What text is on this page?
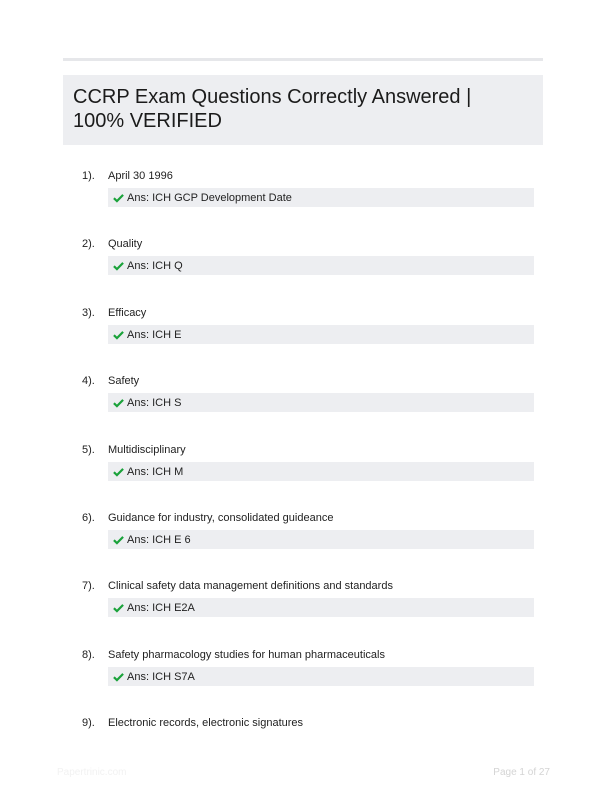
CCRP Exam Questions Correctly Answered |
100% VERIFIED
1). April 30 1996
Ans: ICH GCP Development Date
2). Quality
Ans: ICH Q
3). Efficacy
Ans: ICH E
4). Safety
Ans: ICH S
5). Multidisciplinary
Ans: ICH M
6). Guidance for industry, consolidated guideance
Ans: ICH E 6
7). Clinical safety data management definitions and standards
Ans: ICH E2A
8). Safety pharmacology studies for human pharmaceuticals
Ans: ICH S7A
9). Electronic records, electronic signatures
Papertrinic.com	Page 1 of 27
